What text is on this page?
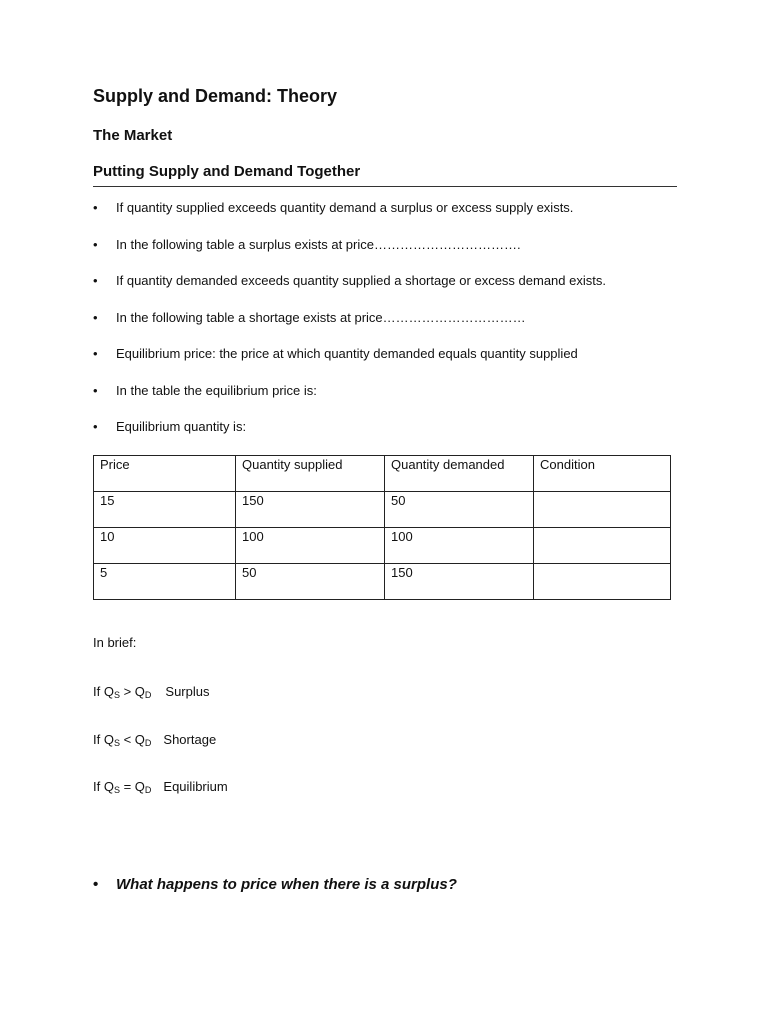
Supply and Demand: Theory
The Market
Putting Supply and Demand Together
• If quantity supplied exceeds quantity demand a surplus or excess supply exists.
• In the following table a surplus exists at price…………………………….
• If quantity demanded exceeds quantity supplied a shortage or excess demand exists.
• In the following table a shortage exists at price……………………………
• Equilibrium price: the price at which quantity demanded equals quantity supplied
• In the table the equilibrium price is:
• Equilibrium quantity is:
Price	Quantity supplied	Quantity demanded	Condition
15	150	50	
10	100	100	
5	50	150	
In brief:
If $Q_S > Q_D$ Surplus
If $Q_S < Q_D$ Shortage
If $Q_S = Q_D$ Equilibrium
• What happens to price when there is a surplus?
